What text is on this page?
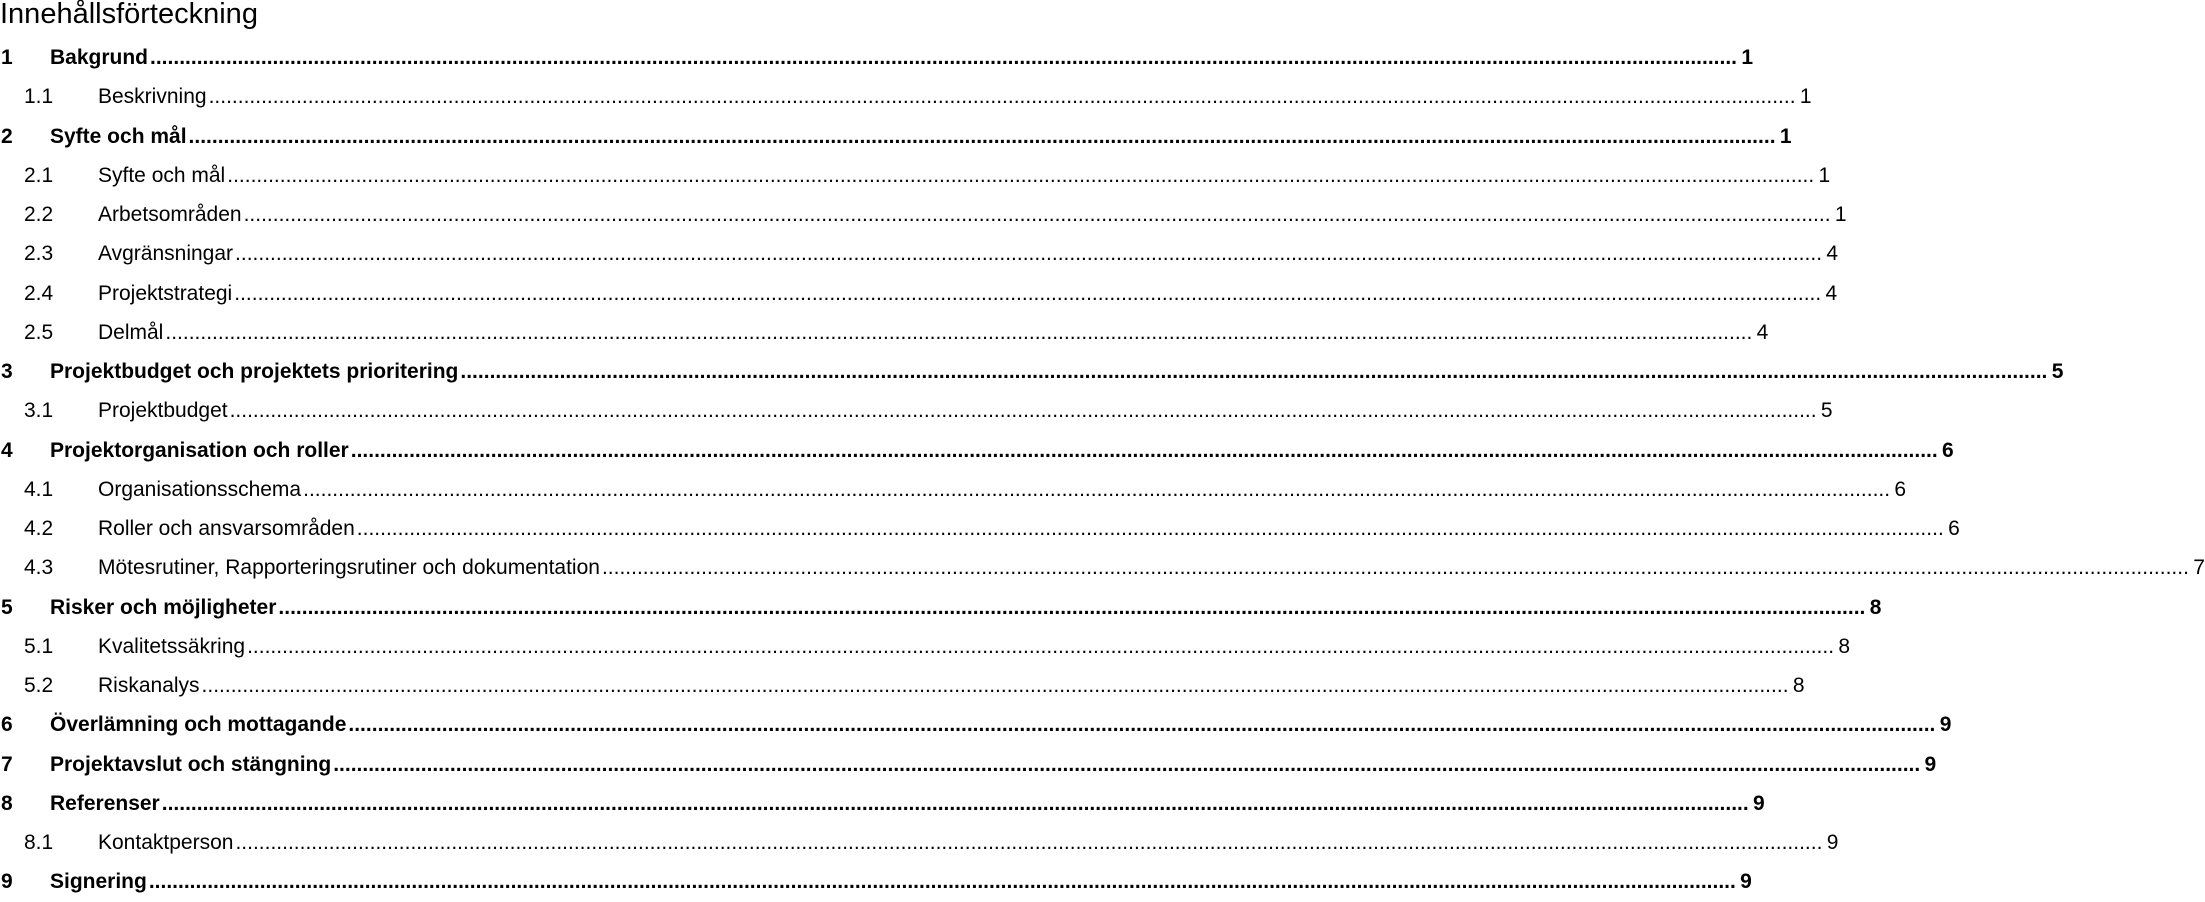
Innehållsförteckning
1	Bakgrund .....	1
1.1	Beskrivning .....	1
2	Syfte och mål .....	1
2.1	Syfte och mål .....	1
2.2	Arbetsområden .....	1
2.3	Avgränsningar .....	4
2.4	Projektstrategi .....	4
2.5	Delmål .....	4
3	Projektbudget och projektets prioritering .....	5
3.1	Projektbudget .....	5
4	Projektorganisation och roller .....	6
4.1	Organisationsschema .....	6
4.2	Roller och ansvarsområden .....	6
4.3	Mötesrutiner, Rapporteringsrutiner och dokumentation .....	7
5	Risker och möjligheter .....	8
5.1	Kvalitetssäkring .....	8
5.2	Riskanalys .....	8
6	Överlämning och mottagande .....	9
7	Projektavslut och stängning .....	9
8	Referenser .....	9
8.1	Kontaktperson .....	9
9	Signering .....	9
